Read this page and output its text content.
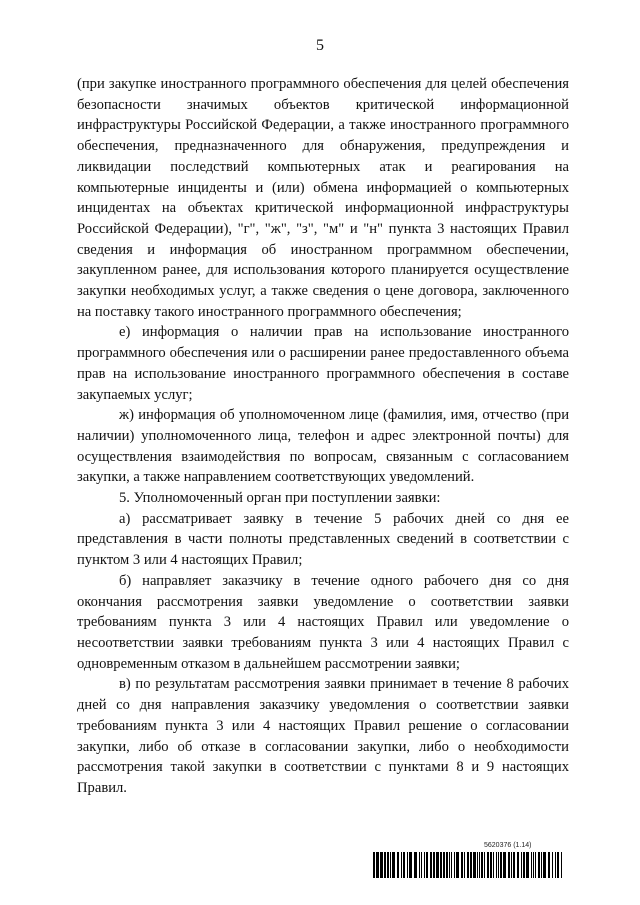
5

(при закупке иностранного программного обеспечения для целей обеспечения безопасности значимых объектов критической информационной инфраструктуры Российской Федерации, а также иностранного программного обеспечения, предназначенного для обнаружения, предупреждения и ликвидации последствий компьютерных атак и реагирования на компьютерные инциденты и (или) обмена информацией о компьютерных инцидентах на объектах критической информационной инфраструктуры Российской Федерации), "г", "ж", "з", "м" и "н" пункта 3 настоящих Правил сведения и информация об иностранном программном обеспечении, закупленном ранее, для использования которого планируется осуществление закупки необходимых услуг, а также сведения о цене договора, заключенного на поставку такого иностранного программного обеспечения;

е) информация о наличии прав на использование иностранного программного обеспечения или о расширении ранее предоставленного объема прав на использование иностранного программного обеспечения в составе закупаемых услуг;

ж) информация об уполномоченном лице (фамилия, имя, отчество (при наличии) уполномоченного лица, телефон и адрес электронной почты) для осуществления взаимодействия по вопросам, связанным с согласованием закупки, а также направлением соответствующих уведомлений.

5. Уполномоченный орган при поступлении заявки:

а) рассматривает заявку в течение 5 рабочих дней со дня ее представления в части полноты представленных сведений в соответствии с пунктом 3 или 4 настоящих Правил;

б) направляет заказчику в течение одного рабочего дня со дня окончания рассмотрения заявки уведомление о соответствии заявки требованиям пункта 3 или 4 настоящих Правил или уведомление о несоответствии заявки требованиям пункта 3 или 4 настоящих Правил с одновременным отказом в дальнейшем рассмотрении заявки;

в) по результатам рассмотрения заявки принимает в течение 8 рабочих дней со дня направления заказчику уведомления о соответствии заявки требованиям пункта 3 или 4 настоящих Правил решение о согласовании закупки, либо об отказе в согласовании закупки, либо о необходимости рассмотрения такой закупки в соответствии с пунктами 8 и 9 настоящих Правил.

5620376 (1.14)
